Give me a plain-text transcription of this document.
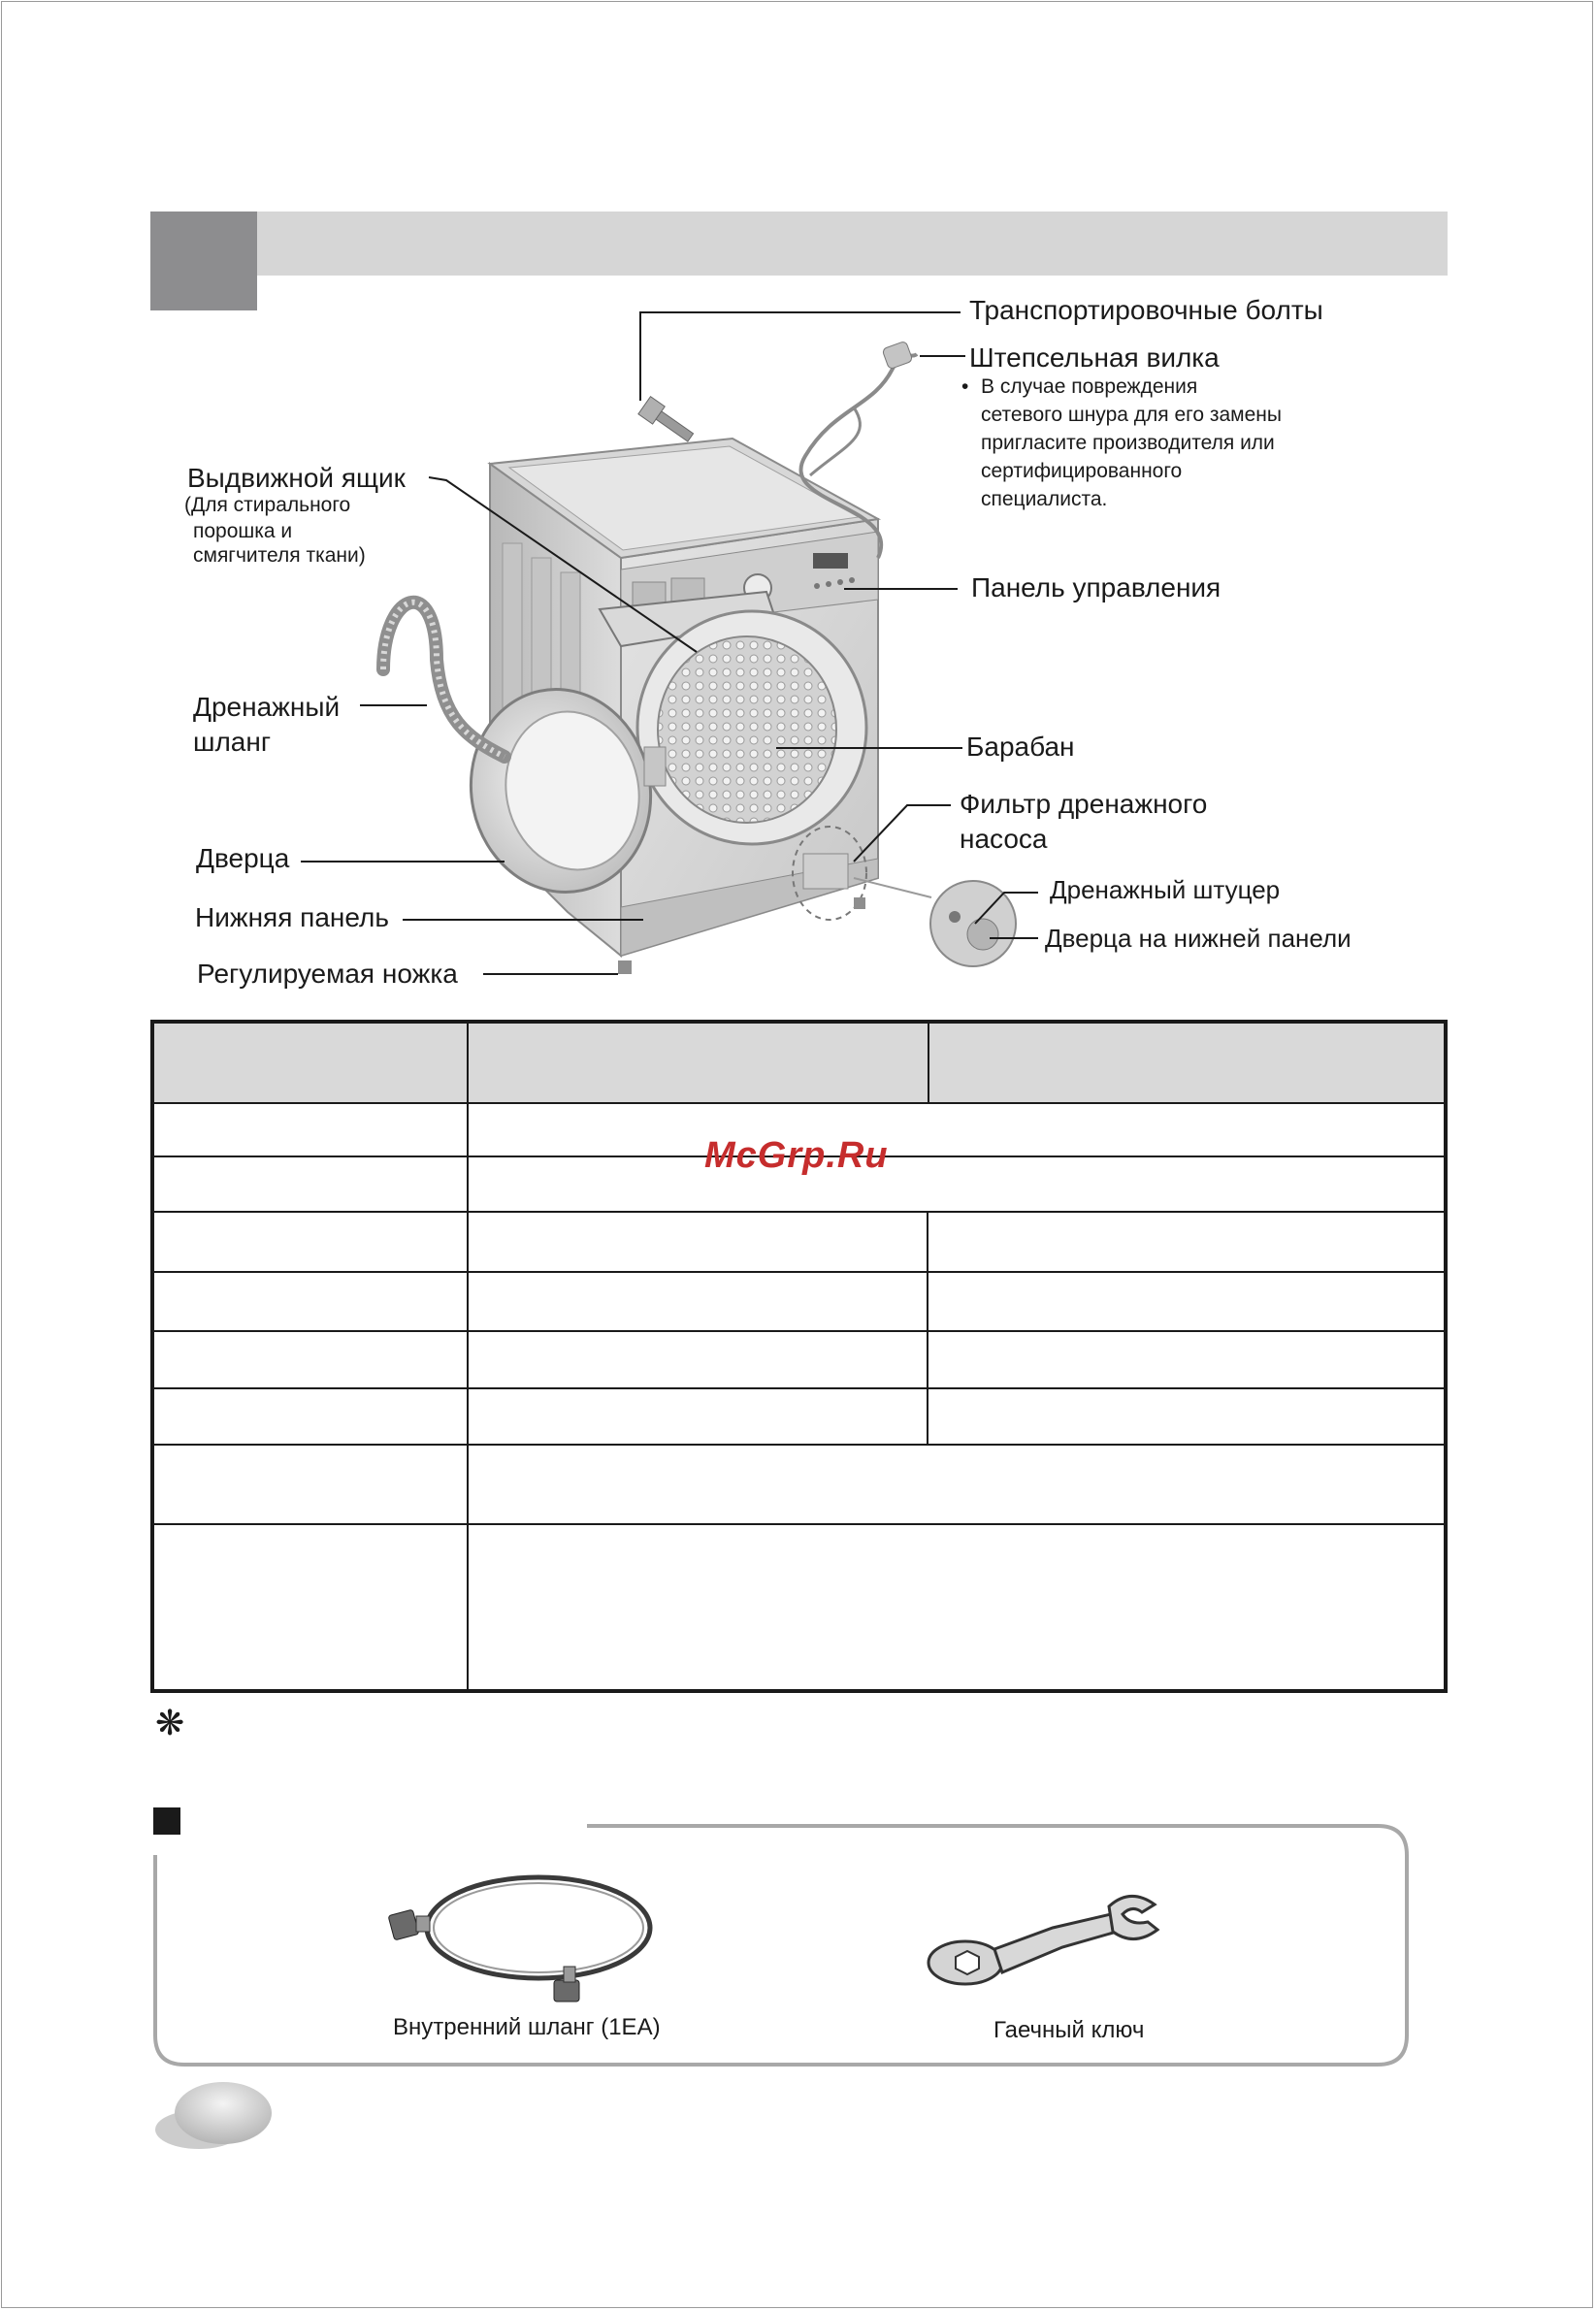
Транспортировочные болты
Штепсельная вилка
• В случае повреждения
сетевого шнура для его замены
пригласите производителя или
сертифицированного
специалиста.
Выдвижной ящик
(Для стирального
порошка и
смягчителя ткани)
Панель управления
Дренажный
шланг	Барабан
Фильтр дренажного
насоса
Дверца
Дренажный штуцер
Нижняя панель
Дверца на нижней панели
Регулируемая ножка
McGrp.Ru
❋
Внутренний шланг (1EA)	Гаечный ключ
